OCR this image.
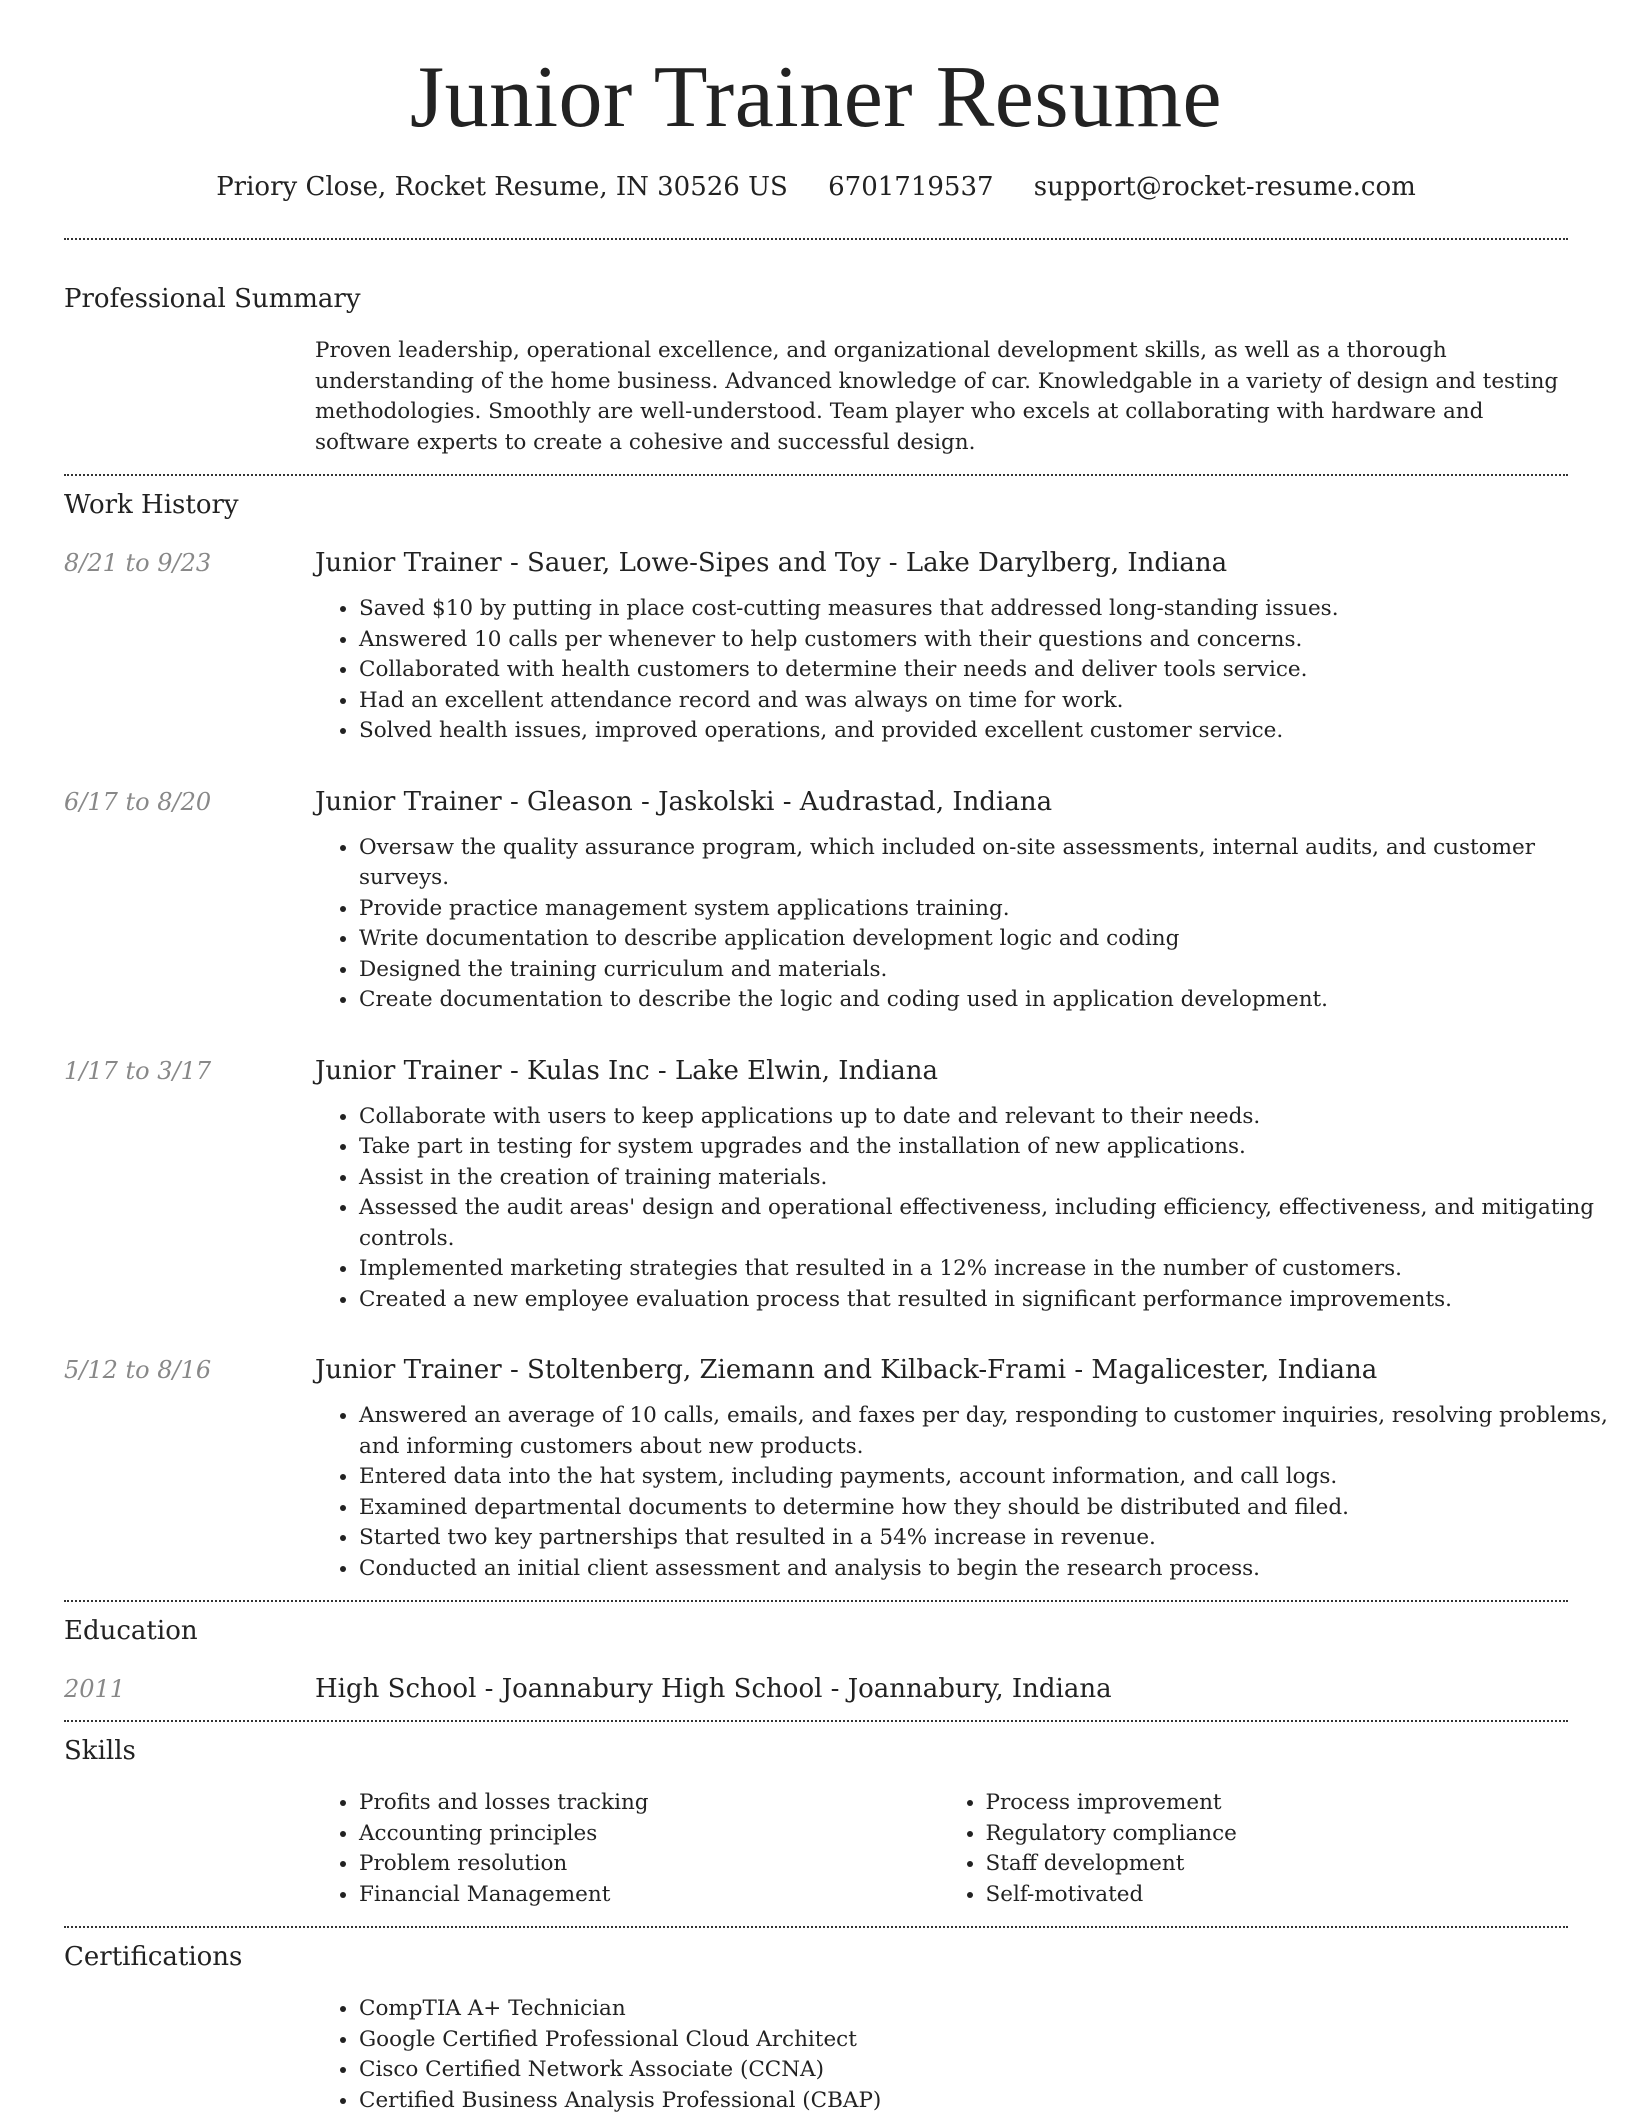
Junior Trainer Resume
Priory Close, Rocket Resume, IN 30526 US 6701719537 support@rocket-resume.com
Professional Summary

Proven leadership, operational excellence, and organizational development skills, as well as a thorough understanding of the home business. Advanced knowledge of car. Knowledgable in a variety of design and testing methodologies. Smoothly are well-understood. Team player who excels at collaborating with hardware and software experts to create a cohesive and successful design.

Work History
8/21 to 9/23	Junior Trainer - Sauer, Lowe-Sipes and Toy - Lake Darylberg, Indiana
• Saved $10 by putting in place cost-cutting measures that addressed long-standing issues.
• Answered 10 calls per whenever to help customers with their questions and concerns.
• Collaborated with health customers to determine their needs and deliver tools service.
• Had an excellent attendance record and was always on time for work.
• Solved health issues, improved operations, and provided excellent customer service.
6/17 to 8/20	Junior Trainer - Gleason - Jaskolski - Audrastad, Indiana
• Oversaw the quality assurance program, which included on-site assessments, internal audits, and customer surveys.
• Provide practice management system applications training.
• Write documentation to describe application development logic and coding
• Designed the training curriculum and materials.
• Create documentation to describe the logic and coding used in application development.
1/17 to 3/17	Junior Trainer - Kulas Inc - Lake Elwin, Indiana
• Collaborate with users to keep applications up to date and relevant to their needs.
• Take part in testing for system upgrades and the installation of new applications.
• Assist in the creation of training materials.
• Assessed the audit areas' design and operational effectiveness, including efficiency, effectiveness, and mitigating controls.
• Implemented marketing strategies that resulted in a 12% increase in the number of customers.
• Created a new employee evaluation process that resulted in significant performance improvements.
5/12 to 8/16	Junior Trainer - Stoltenberg, Ziemann and Kilback-Frami - Magalicester, Indiana
• Answered an average of 10 calls, emails, and faxes per day, responding to customer inquiries, resolving problems, and informing customers about new products.
• Entered data into the hat system, including payments, account information, and call logs.
• Examined departmental documents to determine how they should be distributed and filed.
• Started two key partnerships that resulted in a 54% increase in revenue.
• Conducted an initial client assessment and analysis to begin the research process.
Education
2011	High School - Joannabury High School - Joannabury, Indiana
Skills
• Profits and losses tracking
• Accounting principles
• Problem resolution
• Financial Management
• Process improvement
• Regulatory compliance
• Staff development
• Self-motivated
Certifications
• CompTIA A+ Technician
• Google Certified Professional Cloud Architect
• Cisco Certified Network Associate (CCNA)
• Certified Business Analysis Professional (CBAP)
